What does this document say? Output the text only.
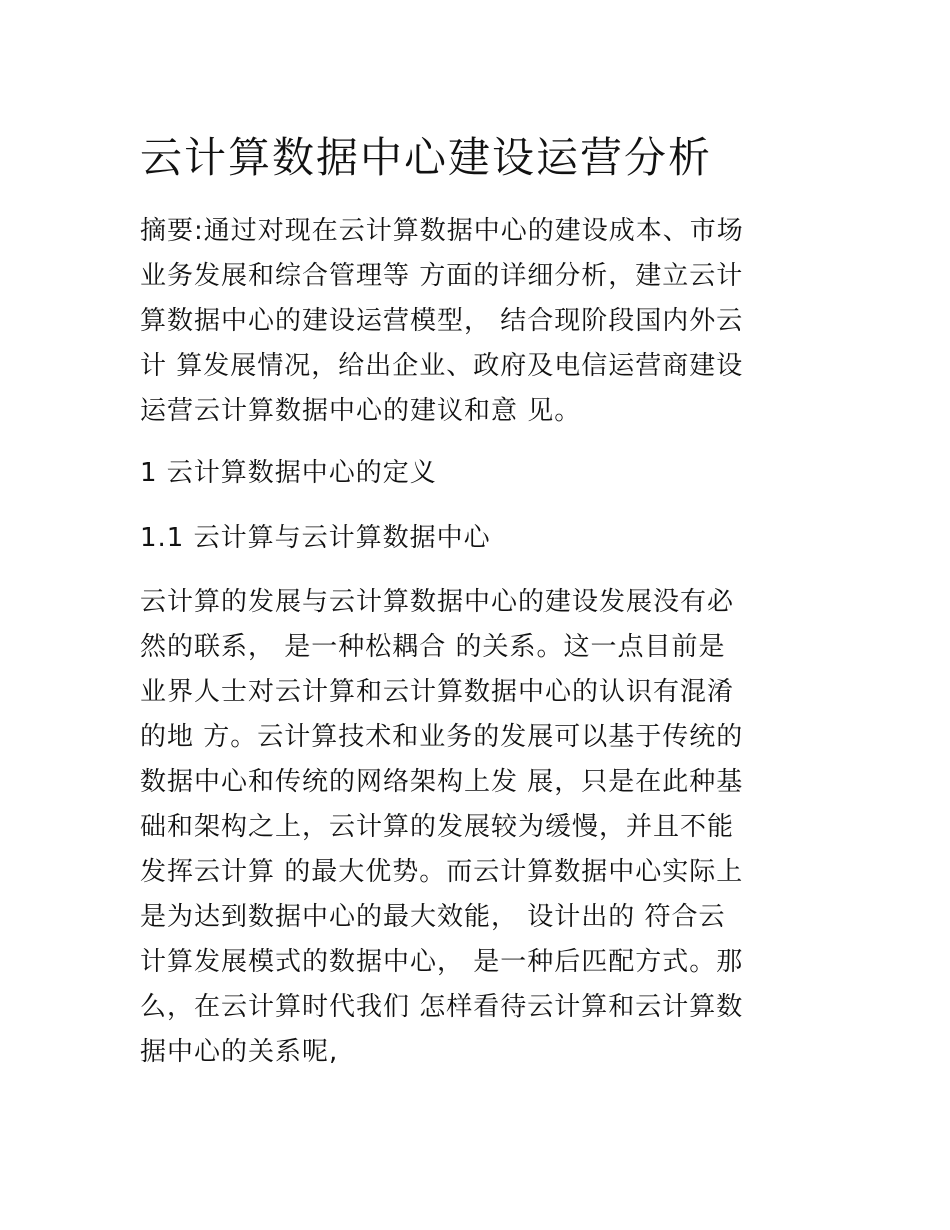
云计算数据中心建设运营分析
摘要:通过对现在云计算数据中心的建设成本、市场
业务发展和综合管理等 方面的详细分析，建立云计
算数据中心的建设运营模型， 结合现阶段国内外云
计 算发展情况，给出企业、政府及电信运营商建设
运营云计算数据中心的建议和意 见。
1 云计算数据中心的定义
1.1 云计算与云计算数据中心
云计算的发展与云计算数据中心的建设发展没有必
然的联系， 是一种松耦合 的关系。这一点目前是
业界人士对云计算和云计算数据中心的认识有混淆
的地 方。云计算技术和业务的发展可以基于传统的
数据中心和传统的网络架构上发 展，只是在此种基
础和架构之上，云计算的发展较为缓慢，并且不能
发挥云计算 的最大优势。而云计算数据中心实际上
是为达到数据中心的最大效能， 设计出的 符合云
计算发展模式的数据中心， 是一种后匹配方式。那
么，在云计算时代我们 怎样看待云计算和云计算数
据中心的关系呢,
